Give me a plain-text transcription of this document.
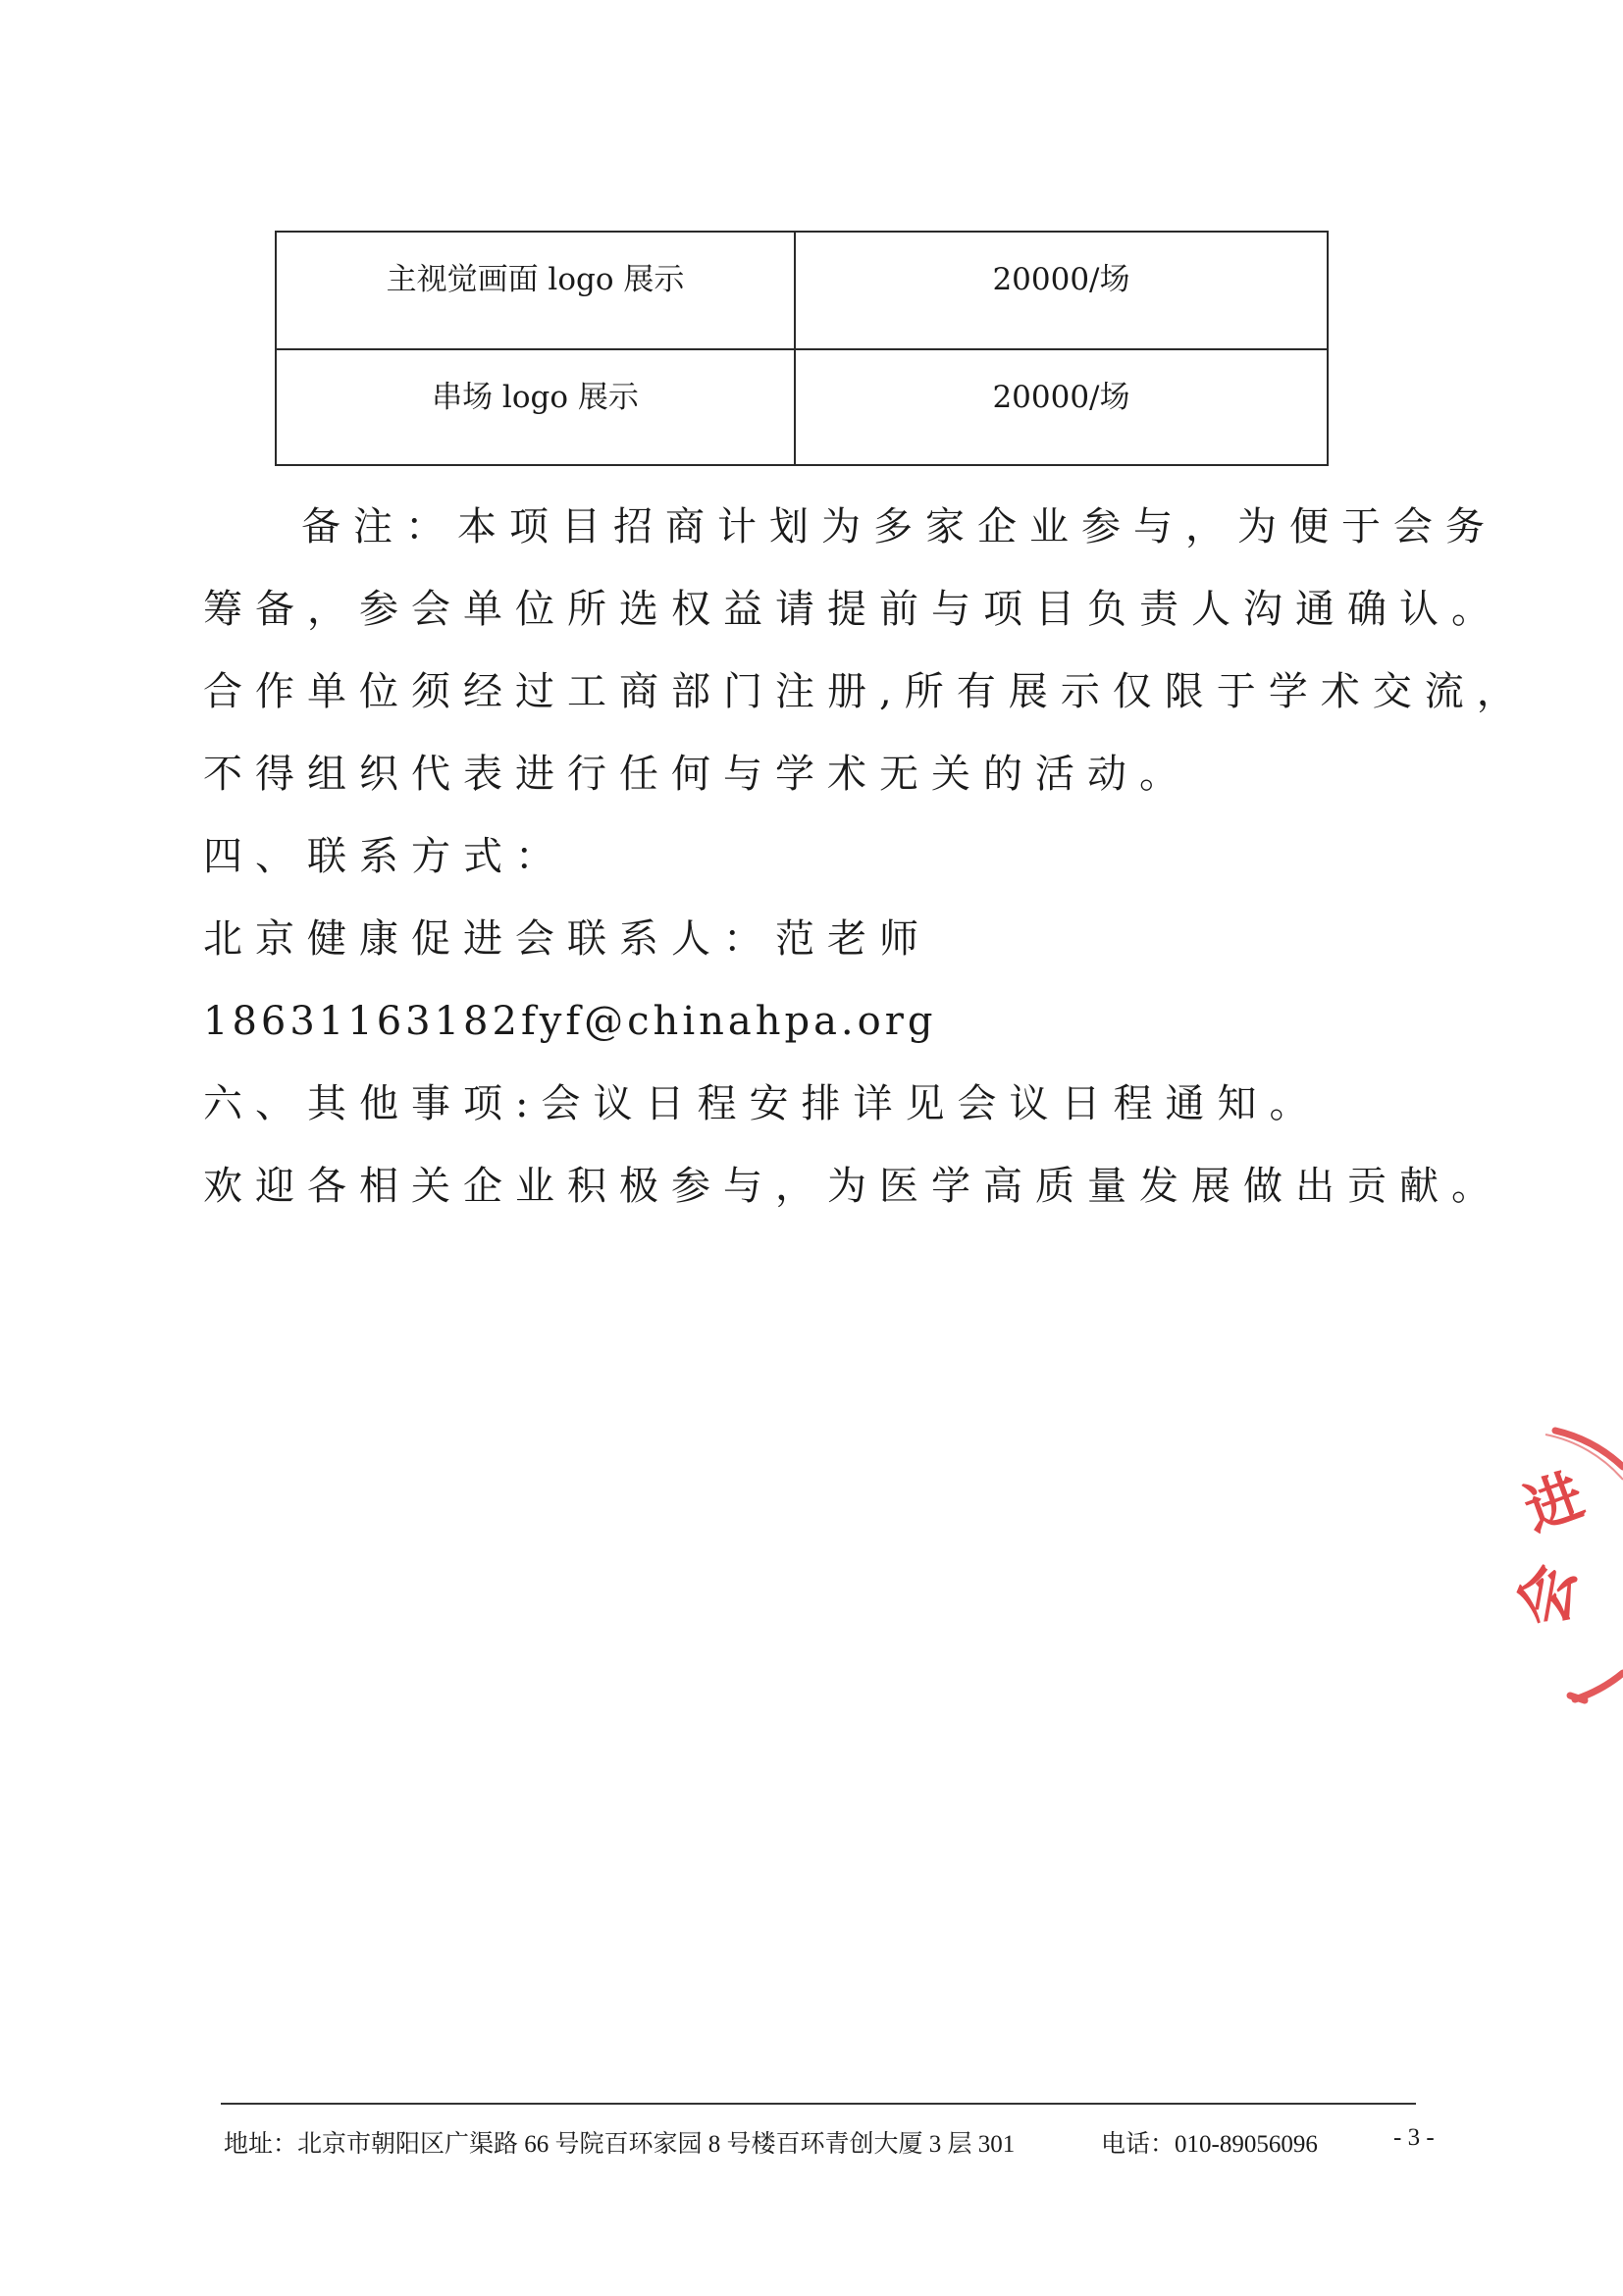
主视觉画面 logo 展示	20000/场
串场 logo 展示	20000/场

备注：本项目招商计划为多家企业参与，为便于会务

筹备，参会单位所选权益请提前与项目负责人沟通确认。

合作单位须经过工商部门注册,所有展示仅限于学术交流，

不得组织代表进行任何与学术无关的活动。

四、联系方式：

北京健康促进会联系人：范老师

18631163182fyf@chinahpa.org

六、其他事项:会议日程安排详见会议日程通知。

欢迎各相关企业积极参与，为医学高质量发展做出贡献。

进
会
地址：北京市朝阳区广渠路 66 号院百环家园 8 号楼百环青创大厦 3 层 301	电话：010-89056096	- 3 -
